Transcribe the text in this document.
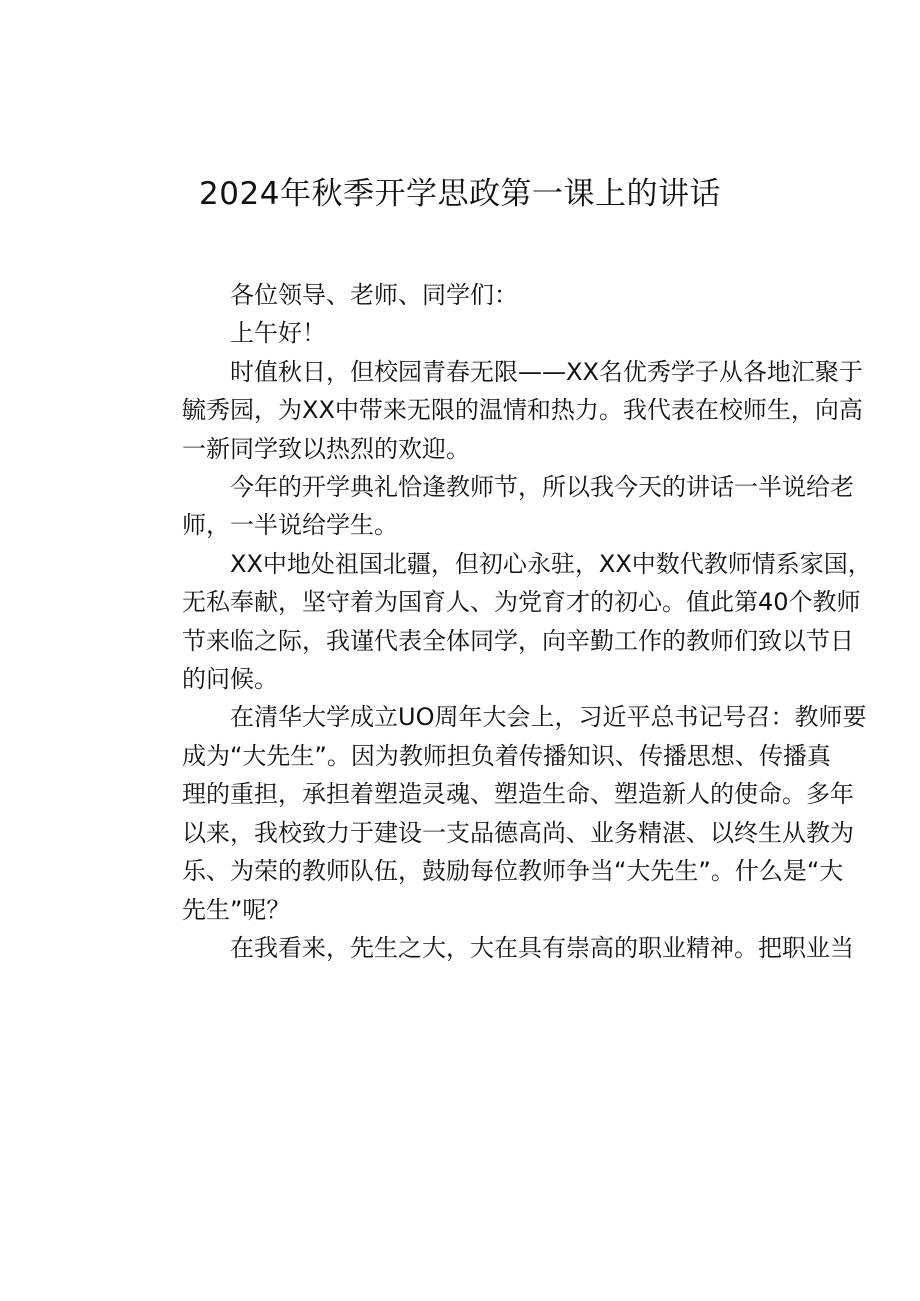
2024年秋季开学思政第一课上的讲话
各位领导、老师、同学们：
上午好！
时值秋日，但校园青春无限——XX名优秀学子从各地汇聚于
毓秀园，为XX中带来无限的温情和热力。我代表在校师生，向高
一新同学致以热烈的欢迎。
今年的开学典礼恰逢教师节，所以我今天的讲话一半说给老
师，一半说给学生。
XX中地处祖国北疆，但初心永驻，XX中数代教师情系家国，
无私奉献，坚守着为国育人、为党育才的初心。值此第40个教师
节来临之际，我谨代表全体同学，向辛勤工作的教师们致以节日
的问候。
在清华大学成立UO周年大会上，习近平总书记号召：教师要
成为“大先生”。因为教师担负着传播知识、传播思想、传播真
理的重担，承担着塑造灵魂、塑造生命、塑造新人的使命。多年
以来，我校致力于建设一支品德高尚、业务精湛、以终生从教为
乐、为荣的教师队伍，鼓励每位教师争当“大先生”。什么是“大
先生”呢？
在我看来，先生之大，大在具有崇高的职业精神。把职业当
